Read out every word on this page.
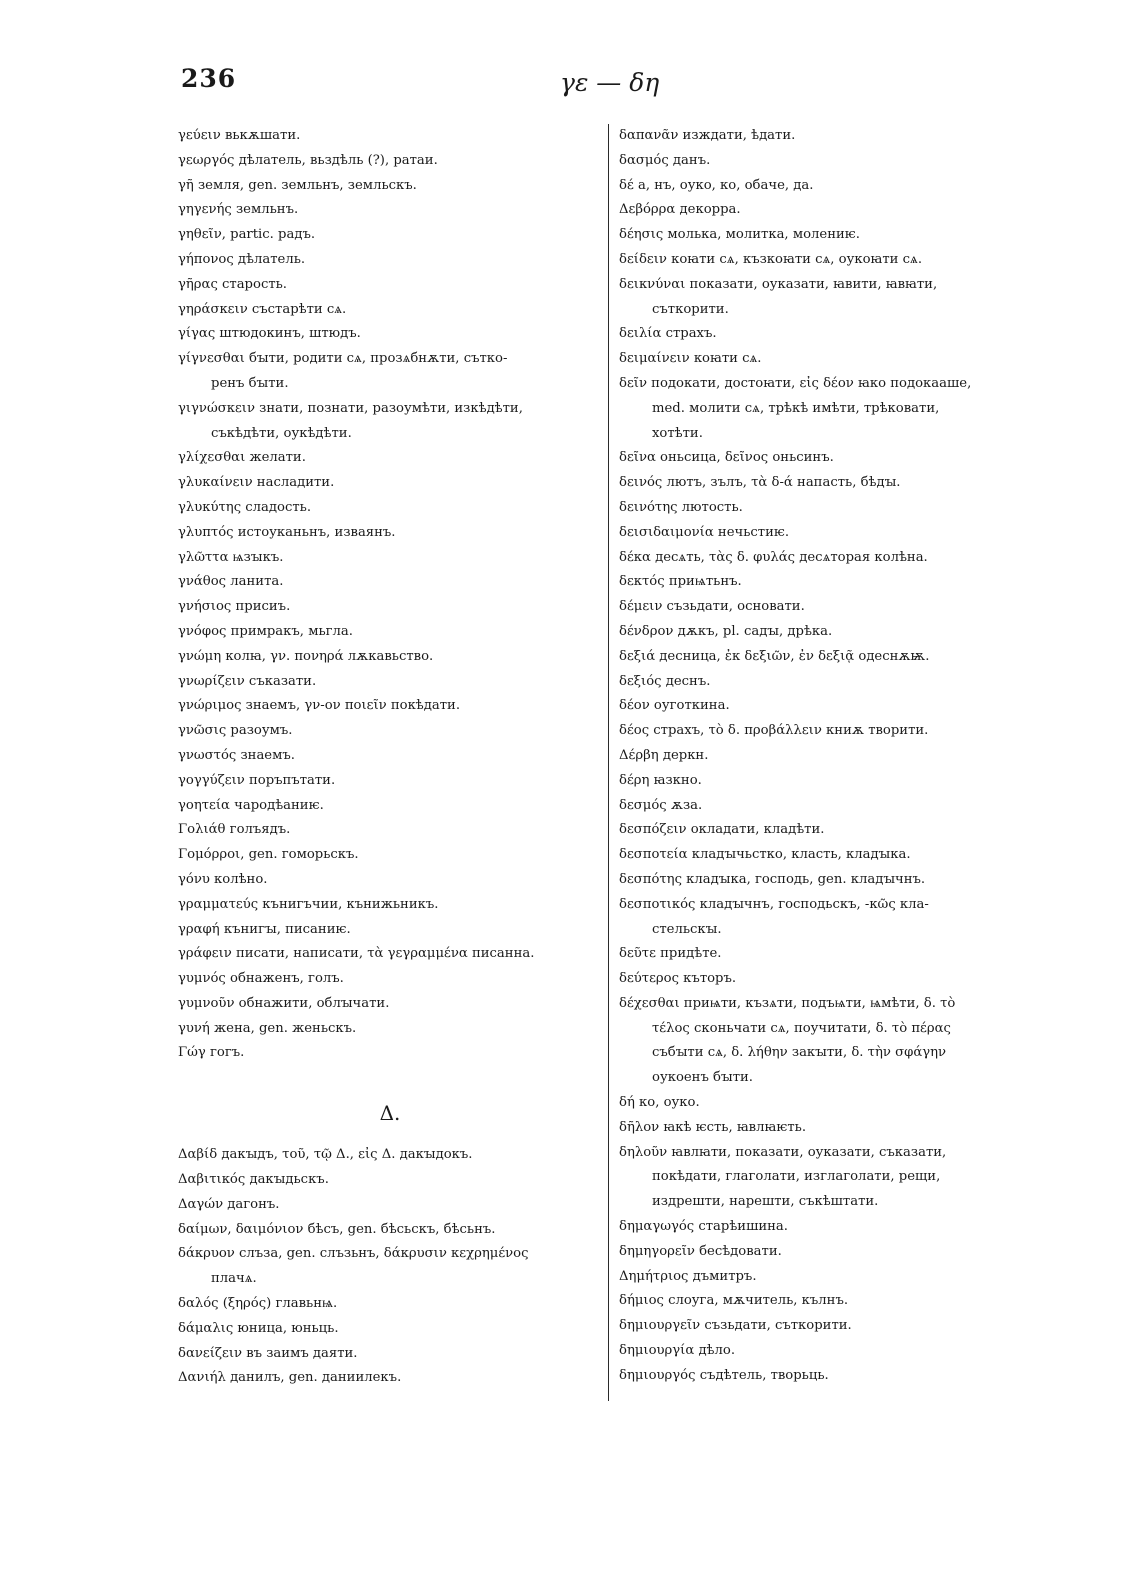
236	γε — δη
γεύειν вькѫшати.
γεωργός дѣлатель, вьздѣль (?), ратаи.
γῆ земля, gen. земльнъ, земльскъ.
γηγενής земльнъ.
γηθεῖν, partic. радъ.
γήπονος дѣлатель.
γῆρας старость.
γηράσκειν състарѣти сѧ.
γίγας штюдокинъ, штюдъ.
γίγνεσθαι бꙑти, родити сѧ, прозѧбнѫти, сътко-
ренъ бꙑти.
γιγνώσκειν знати, познати, разоумѣти, изкѣдѣти,
съкѣдѣти, оукѣдѣти.
γλίχεσθαι желати.
γλυκαίνειν насладити.
γλυκύτης сладость.
γλυπτός истоуканьнъ, изваянъ.
γλῶττα ѩзꙑкъ.
γνάθος ланита.
γνήσιος присиъ.
γνόφος примракъ, мьгла.
γνώμη колꙗ, γν. πονηρά лѫкавьство.
γνωρίζειν съказати.
γνώριμος знаемъ, γν-ον ποιεῖν покѣдати.
γνῶσις разоумъ.
γνωστός знаемъ.
γογγύζειν поръпътати.
γοητεία чародѣаниѥ.
Γολιάθ голъядъ.
Γομόρροι, gen. гоморьскъ.
γόνυ колѣно.
γραμματεύς кънигъчии, кънижьникъ.
γραφή кънигꙑ, писаниѥ.
γράφειν писати, написати, τὰ γεγραμμένα писанна.
γυμνός обнаженъ, голъ.
γυμνοῦν обнажити, облꙑчати.
γυνή жена, gen. женьскъ.
Γώγ гогъ.
Δ.
Δαβίδ дакꙑдъ, τοῦ, τῷ Δ., εἰς Δ. дакꙑдокъ.
Δαβιτικός дакꙑдьскъ.
Δαγών дагонъ.
δαίμων, δαιμόνιον бѣсъ, gen. бѣсьскъ, бѣсьнъ.
δάκρυον слъза, gen. слъзьнъ, δάκρυσιν κεχρημένος
плачѧ.
δαλός (ξηρός) главьнѩ.
δάμαλις юница, юньць.
δανείζειν въ заимъ даяти.
Δανιήλ данилъ, gen. даниилекъ.
δαπανᾶν изждати, ѣдати.
δασμός данъ.
δέ а, нъ, оуко, ко, обаче, да.
Δεβόρρα декорра.
δέησις молька, молитка, молениѥ.
δείδειν коꙗти сѧ, къзкоꙗти сѧ, оукоꙗти сѧ.
δεικνύναι показати, оуказати, ꙗвити, ꙗвꙗти,
съткорити.
δειλία страхъ.
δειμαίνειν коꙗти сѧ.
δεῖν подокати, достоꙗти, εἰς δέον ꙗко подокааше,
med. молити сѧ, трѣкѣ имѣти, трѣковати,
хотѣти.
δεῖνα оньсица, δεῖνος оньсинъ.
δεινός лютъ, зълъ, τὰ δ-ά напасть, бѣдꙑ.
δεινότης лютость.
δεισιδαιμονία нечьстиѥ.
δέκα десѧть, τὰς δ. φυλάς десѧторая колѣна.
δεκτός приѩтьнъ.
δέμειν съзьдати, основати.
δένδρον дѫкъ, pl. садꙑ, дрѣка.
δεξιά десница, ἐκ δεξιῶν, ἐν δεξιᾷ одеснѫѭ.
δεξιός деснъ.
δέον оуготкина.
δέος страхъ, τὸ δ. προβάλλειν книѫ творити.
Δέρβη деркн.
δέρη ꙗзкно.
δεσμός ѫза.
δεσπόζειν окладати, кладѣти.
δεσποτεία кладꙑчьстко, класть, кладꙑка.
δεσπότης кладꙑка, господь, gen. кладꙑчнъ.
δεσποτικός кладꙑчнъ, господьскъ, -κῶς кла-
стельскꙑ.
δεῦτε придѣте.
δεύτερος къторъ.
δέχεσθαι приѩти, къзѧти, подъѩти, ѩмѣти, δ. τὸ
τέλος сконьчати сѧ, поучитати, δ. τὸ πέρας
събꙑти сѧ, δ. λήθην закꙑти, δ. τὴν σφάγην
оукоенъ бꙑти.
δή ко, оуко.
δῆλον ꙗкѣ ѥсть, ꙗвлꙗѥть.
δηλοῦν ꙗвлꙗти, показати, оуказати, съказати,
покѣдати, глаголати, изглаголати, рещи,
издрешти, нарешти, съкѣштати.
δημαγωγός старѣишина.
δημηγορεῖν бесѣдовати.
Δημήτριος дъмитръ.
δήμιος слоуга, мѫчитель, кълнъ.
δημιουργεῖν съзьдати, съткорити.
δημιουργία дѣло.
δημιουργός съдѣтель, творьць.
